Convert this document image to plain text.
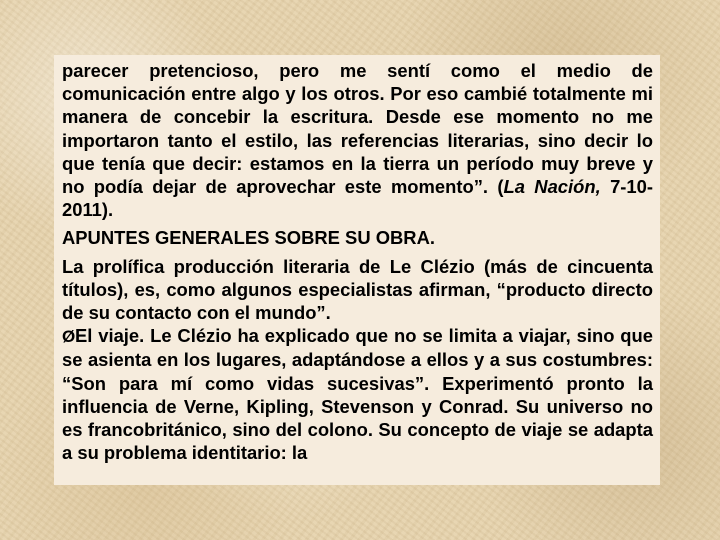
parecer pretencioso, pero me sentí como el medio de comunicación entre algo y los otros. Por eso cambié totalmente mi manera de concebir la escritura. Desde ese momento no me importaron tanto el estilo, las referencias literarias, sino decir lo que tenía que decir: estamos en la tierra un período muy breve y no podía dejar de aprovechar este momento”. (La Nación, 7-10-2011).

APUNTES GENERALES SOBRE SU OBRA.

La prolífica producción literaria de Le Clézio (más de cincuenta títulos), es, como algunos especialistas afirman, “producto directo de su contacto con el mundo”.

ØEl viaje. Le Clézio ha explicado que no se limita a viajar, sino que se asienta en los lugares, adaptándose a ellos y a sus costumbres: “Son para mí como vidas sucesivas”. Experimentó pronto la influencia de Verne, Kipling, Stevenson y Conrad. Su universo no es francobritánico, sino del colono. Su concepto de viaje se adapta a su problema identitario: la
